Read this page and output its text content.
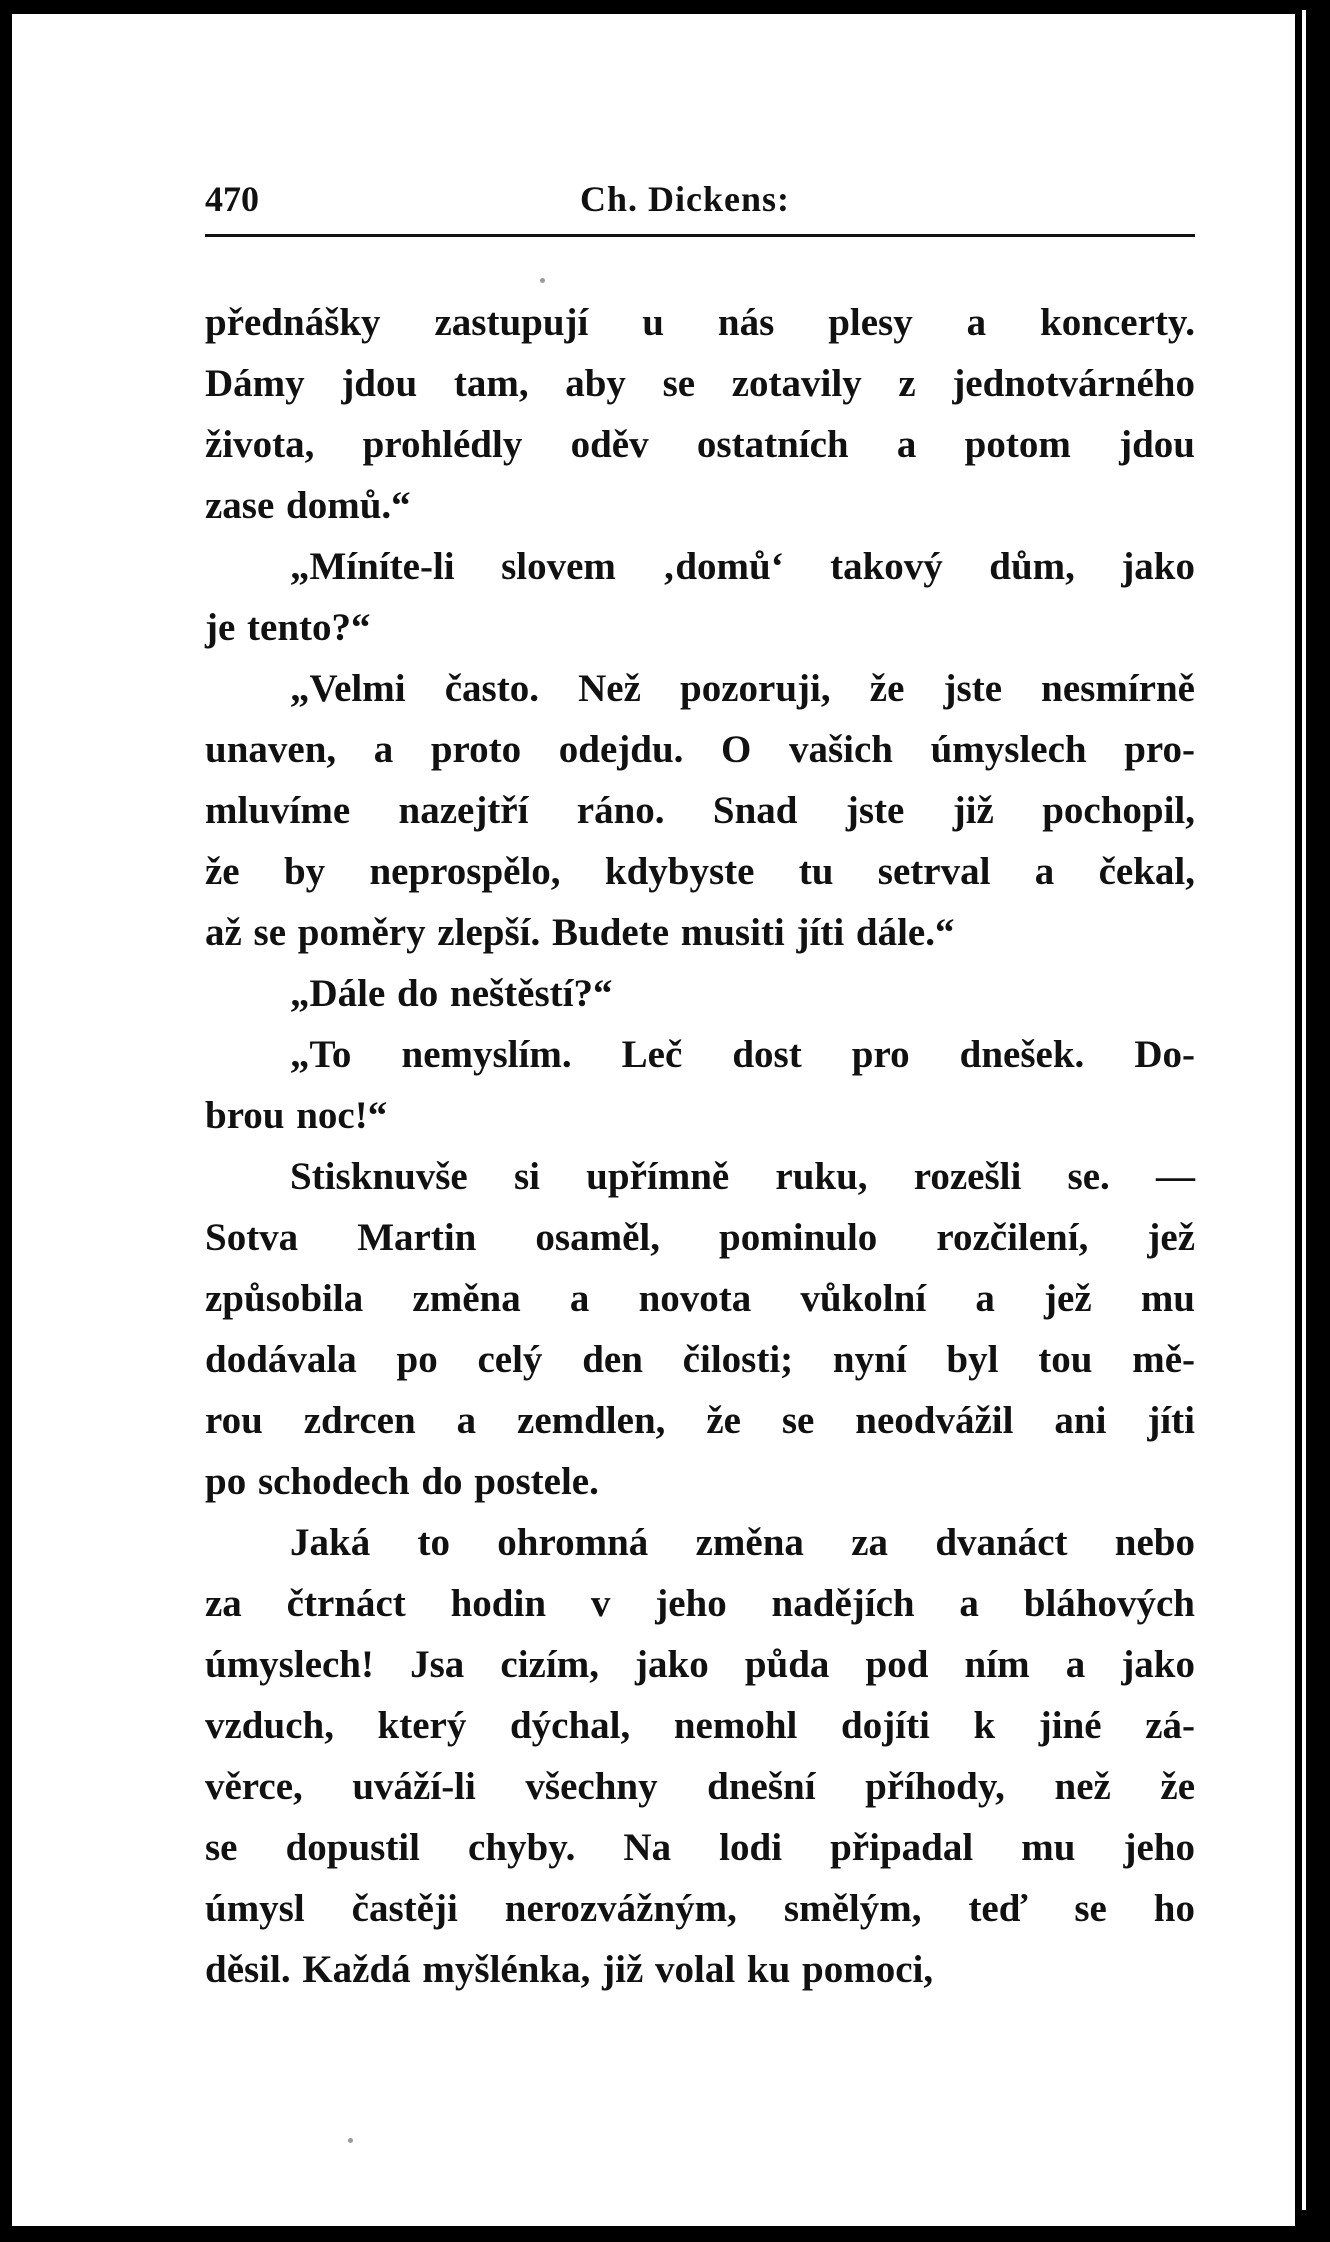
470	Ch. Dickens:
přednášky zastupují u nás plesy a koncerty.
Dámy jdou tam, aby se zotavily z jednotvárného
života, prohlédly oděv ostatních a potom jdou
zase domů.“
„Míníte-li slovem ‚domů‘ takový dům, jako
je tento?“
„Velmi často. Než pozoruji, že jste nesmírně
unaven, a proto odejdu. O vašich úmyslech pro-
mluvíme nazejtří ráno. Snad jste již pochopil,
že by neprospělo, kdybyste tu setrval a čekal,
až se poměry zlepší. Budete musiti jíti dále.“
„Dále do neštěstí?“
„To nemyslím. Leč dost pro dnešek. Do-
brou noc!“
Stisknuvše si upřímně ruku, rozešli se. —
Sotva Martin osaměl, pominulo rozčilení, jež
způsobila změna a novota vůkolní a jež mu
dodávala po celý den čilosti; nyní byl tou mě-
rou zdrcen a zemdlen, že se neodvážil ani jíti
po schodech do postele.
Jaká to ohromná změna za dvanáct nebo
za čtrnáct hodin v jeho nadějích a bláhových
úmyslech! Jsa cizím, jako půda pod ním a jako
vzduch, který dýchal, nemohl dojíti k jiné zá-
věrce, uváží-li všechny dnešní příhody, než že
se dopustil chyby. Na lodi připadal mu jeho
úmysl častěji nerozvážným, smělým, teď se ho
děsil. Každá myšlénka, již volal ku pomoci,
